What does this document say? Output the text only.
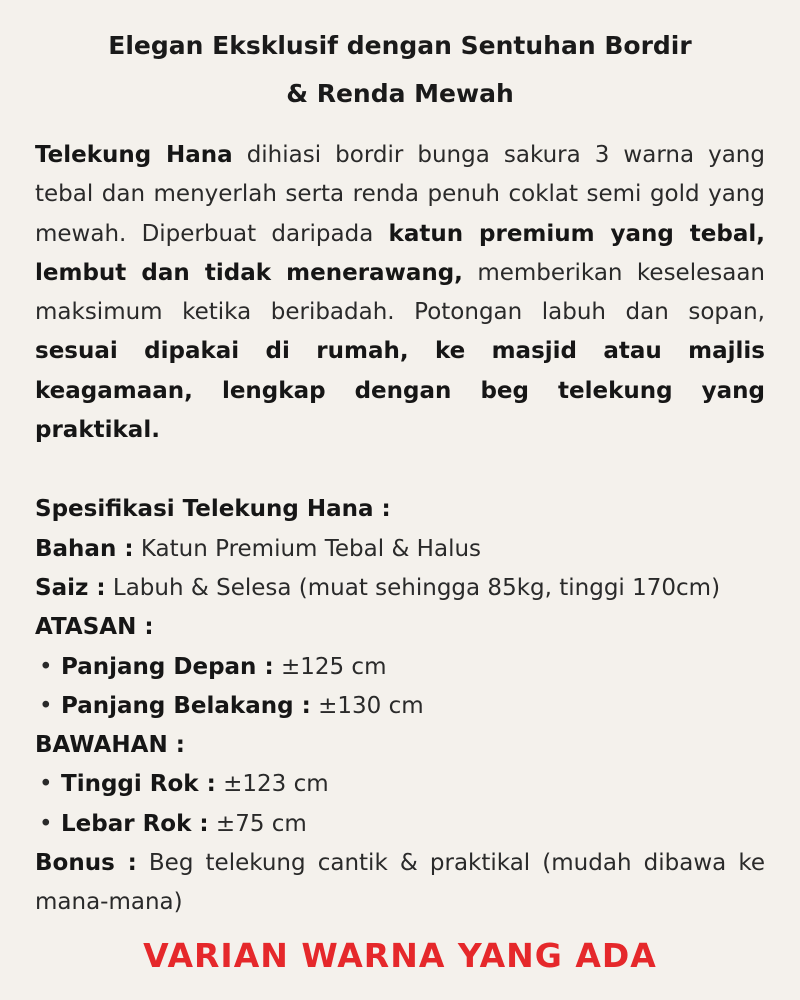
Elegan Eksklusif dengan Sentuhan Bordir
& Renda Mewah

Telekung Hana dihiasi bordir bunga sakura 3 warna yang tebal dan menyerlah serta renda penuh coklat semi gold yang mewah. Diperbuat daripada katun premium yang tebal, lembut dan tidak menerawang, memberikan keselesaan maksimum ketika beribadah. Potongan labuh dan sopan, sesuai dipakai di rumah, ke masjid atau majlis keagamaan, lengkap dengan beg telekung yang praktikal.

Spesifikasi Telekung Hana :
Bahan : Katun Premium Tebal & Halus
Saiz : Labuh & Selesa (muat sehingga 85kg, tinggi 170cm)
ATASAN :
• Panjang Depan : ±125 cm
• Panjang Belakang : ±130 cm
BAWAHAN :
• Tinggi Rok : ±123 cm
• Lebar Rok : ±75 cm
Bonus : Beg telekung cantik & praktikal (mudah dibawa ke mana-mana)
VARIAN WARNA YANG ADA
